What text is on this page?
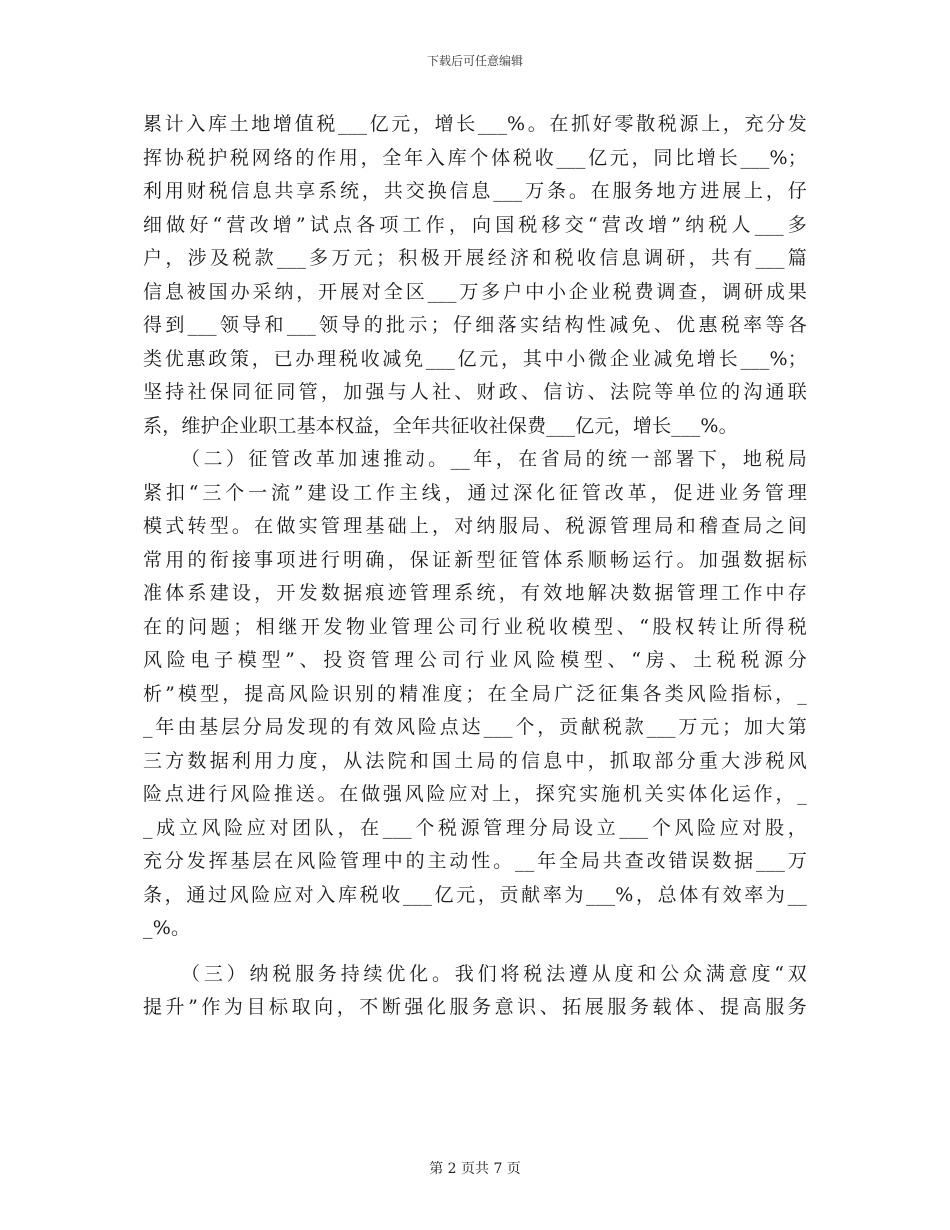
下载后可任意编辑
累计入库土地增值税___亿元，增长___%。在抓好零散税源上，充分发
挥协税护税网络的作用，全年入库个体税收___亿元，同比增长___%；
利用财税信息共享系统，共交换信息___万条。在服务地方进展上，仔
细做好“营改增”试点各项工作，向国税移交“营改增”纳税人___多
户，涉及税款___多万元；积极开展经济和税收信息调研，共有___篇
信息被国办采纳，开展对全区___万多户中小企业税费调查，调研成果
得到___领导和___领导的批示；仔细落实结构性减免、优惠税率等各
类优惠政策，已办理税收减免___亿元，其中小微企业减免增长___%；
坚持社保同征同管，加强与人社、财政、信访、法院等单位的沟通联
系，维护企业职工基本权益，全年共征收社保费___亿元，增长___%。
（二）征管改革加速推动。__年，在省局的统一部署下，地税局
紧扣“三个一流”建设工作主线，通过深化征管改革，促进业务管理
模式转型。在做实管理基础上，对纳服局、税源管理局和稽查局之间
常用的衔接事项进行明确，保证新型征管体系顺畅运行。加强数据标
准体系建设，开发数据痕迹管理系统，有效地解决数据管理工作中存
在的问题；相继开发物业管理公司行业税收模型、“股权转让所得税
风险电子模型”、投资管理公司行业风险模型、“房、土税税源分
析”模型，提高风险识别的精准度；在全局广泛征集各类风险指标，_
_年由基层分局发现的有效风险点达___个，贡献税款___万元；加大第
三方数据利用力度，从法院和国土局的信息中，抓取部分重大涉税风
险点进行风险推送。在做强风险应对上，探究实施机关实体化运作，_
_成立风险应对团队，在___个税源管理分局设立___个风险应对股，
充分发挥基层在风险管理中的主动性。__年全局共查改错误数据___万
条，通过风险应对入库税收___亿元，贡献率为___%，总体有效率为__
_%。
（三）纳税服务持续优化。我们将税法遵从度和公众满意度“双
提升”作为目标取向，不断强化服务意识、拓展服务载体、提高服务
第 2 页共 7 页
